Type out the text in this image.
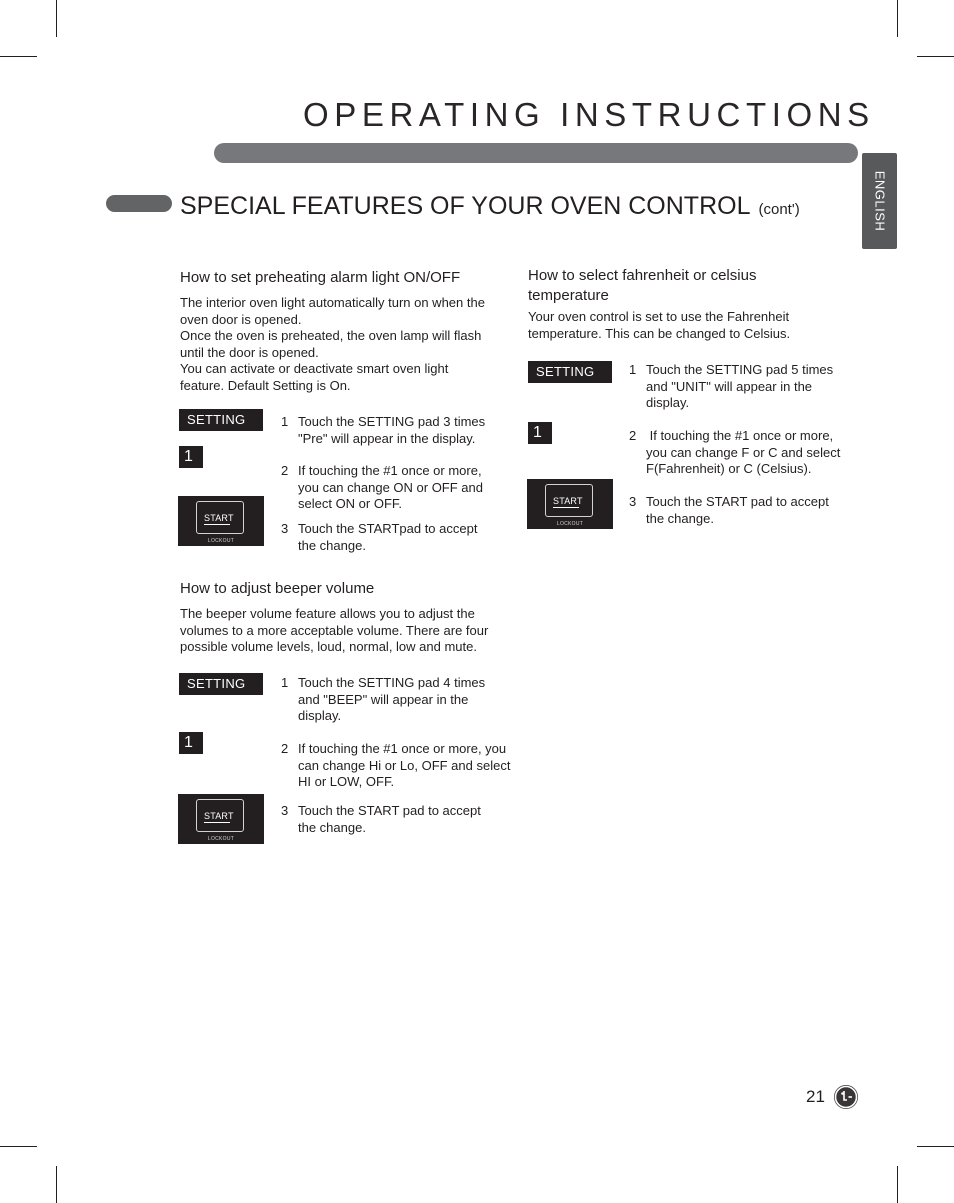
OPERATING INSTRUCTIONS
ENGLISH
SPECIAL FEATURES OF YOUR OVEN CONTROL (cont')
How to set preheating alarm light ON/OFF
The interior oven light automatically turn on when the
oven door is opened.
Once the oven is preheated, the oven lamp will flash
until the door is opened.
You can activate or deactivate smart oven light
feature. Default Setting is On.
SETTING
1
START
LOCKOUT
1 Touch the SETTING pad 3 times
"Pre" will appear in the display.
2 If touching the #1 once or more,
you can change ON or OFF and
select ON or OFF.
3 Touch the STARTpad to accept
the change.
How to adjust beeper volume
The beeper volume feature allows you to adjust the
volumes to a more acceptable volume. There are four
possible volume levels, loud, normal, low and mute.
SETTING
1
START
LOCKOUT
1 Touch the SETTING pad 4 times
and "BEEP" will appear in the
display.
2 If touching the #1 once or more, you
can change Hi or Lo, OFF and select
HI or LOW, OFF.
3 Touch the START pad to accept
the change.
How to select fahrenheit or celsius
temperature
Your oven control is set to use the Fahrenheit
temperature. This can be changed to Celsius.
SETTING
1
START
LOCKOUT
1 Touch the SETTING pad 5 times
and "UNIT" will appear in the
display.
2 If touching the #1 once or more,
you can change F or C and select
F(Fahrenheit) or C (Celsius).
3 Touch the START pad to accept
the change.
21
